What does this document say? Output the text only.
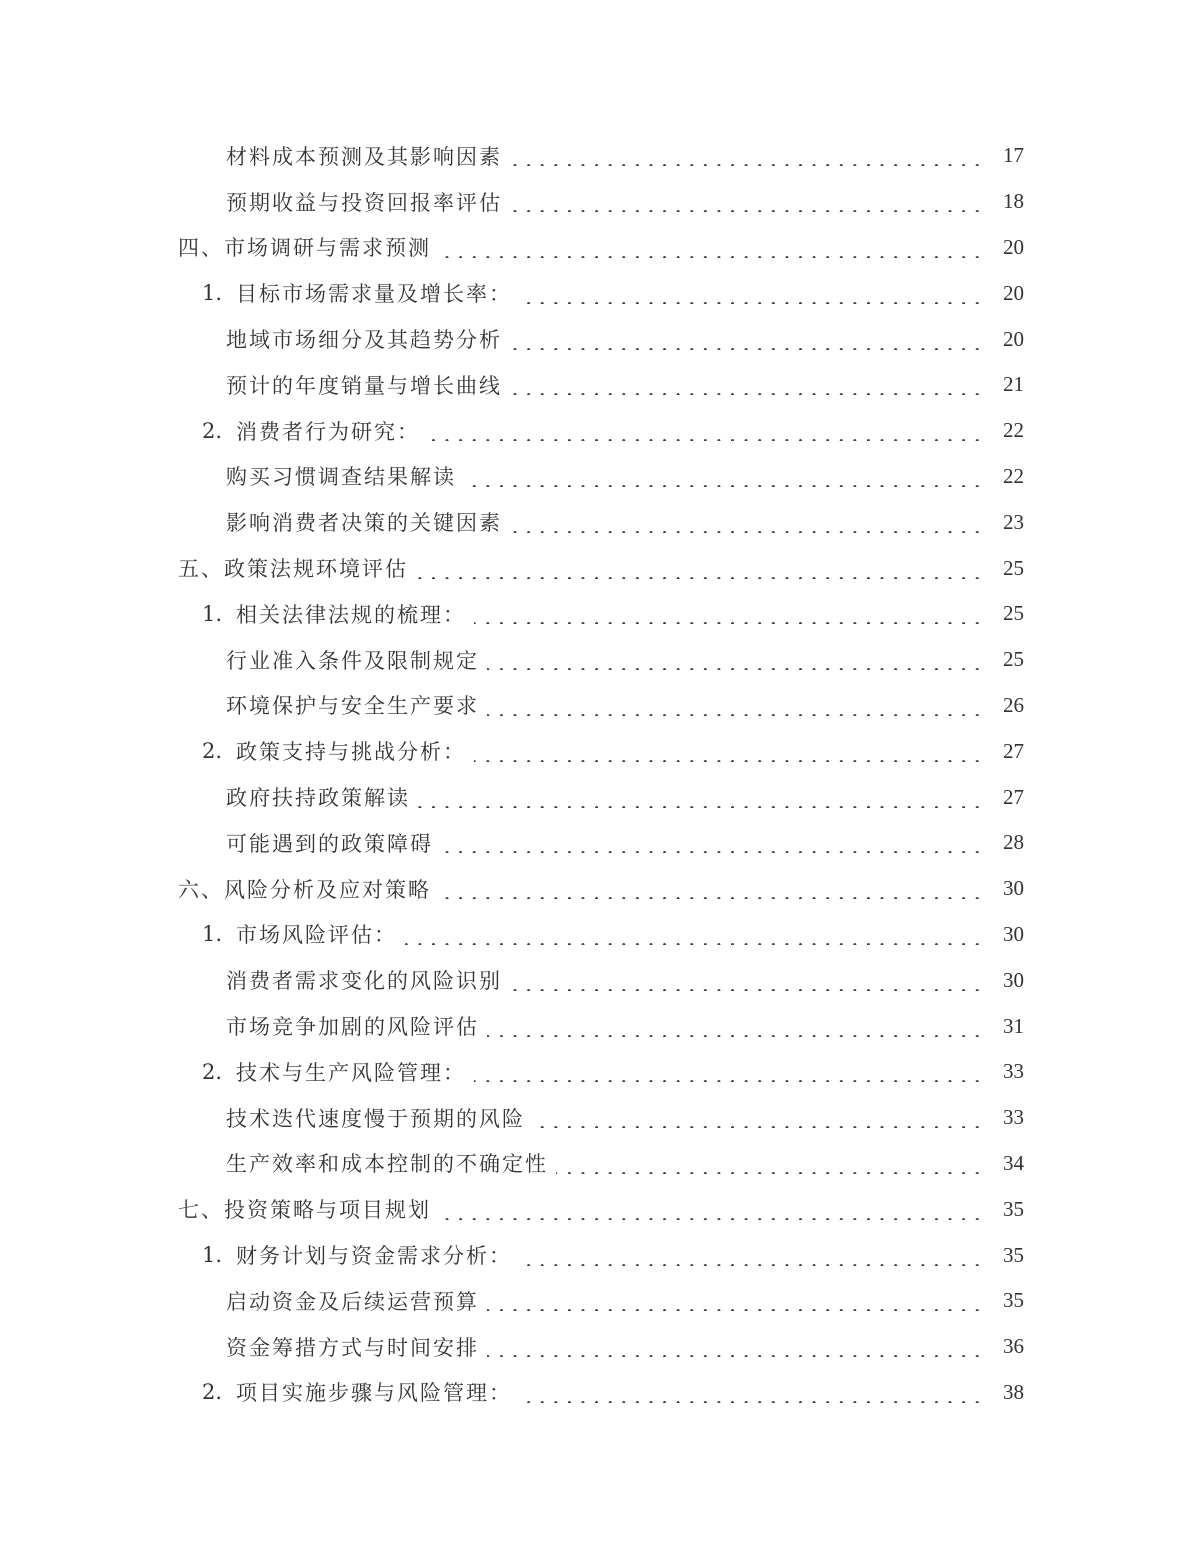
材料成本预测及其影响因素	17
预期收益与投资回报率评估	18
四、市场调研与需求预测	20
1. 目标市场需求量及增长率：	20
地域市场细分及其趋势分析	20
预计的年度销量与增长曲线	21
2. 消费者行为研究：	22
购买习惯调查结果解读	22
影响消费者决策的关键因素	23
五、政策法规环境评估	25
1. 相关法律法规的梳理：	25
行业准入条件及限制规定	25
环境保护与安全生产要求	26
2. 政策支持与挑战分析：	27
政府扶持政策解读	27
可能遇到的政策障碍	28
六、风险分析及应对策略	30
1. 市场风险评估：	30
消费者需求变化的风险识别	30
市场竞争加剧的风险评估	31
2. 技术与生产风险管理：	33
技术迭代速度慢于预期的风险	33
生产效率和成本控制的不确定性	34
七、投资策略与项目规划	35
1. 财务计划与资金需求分析：	35
启动资金及后续运营预算	35
资金筹措方式与时间安排	36
2. 项目实施步骤与风险管理：	38
